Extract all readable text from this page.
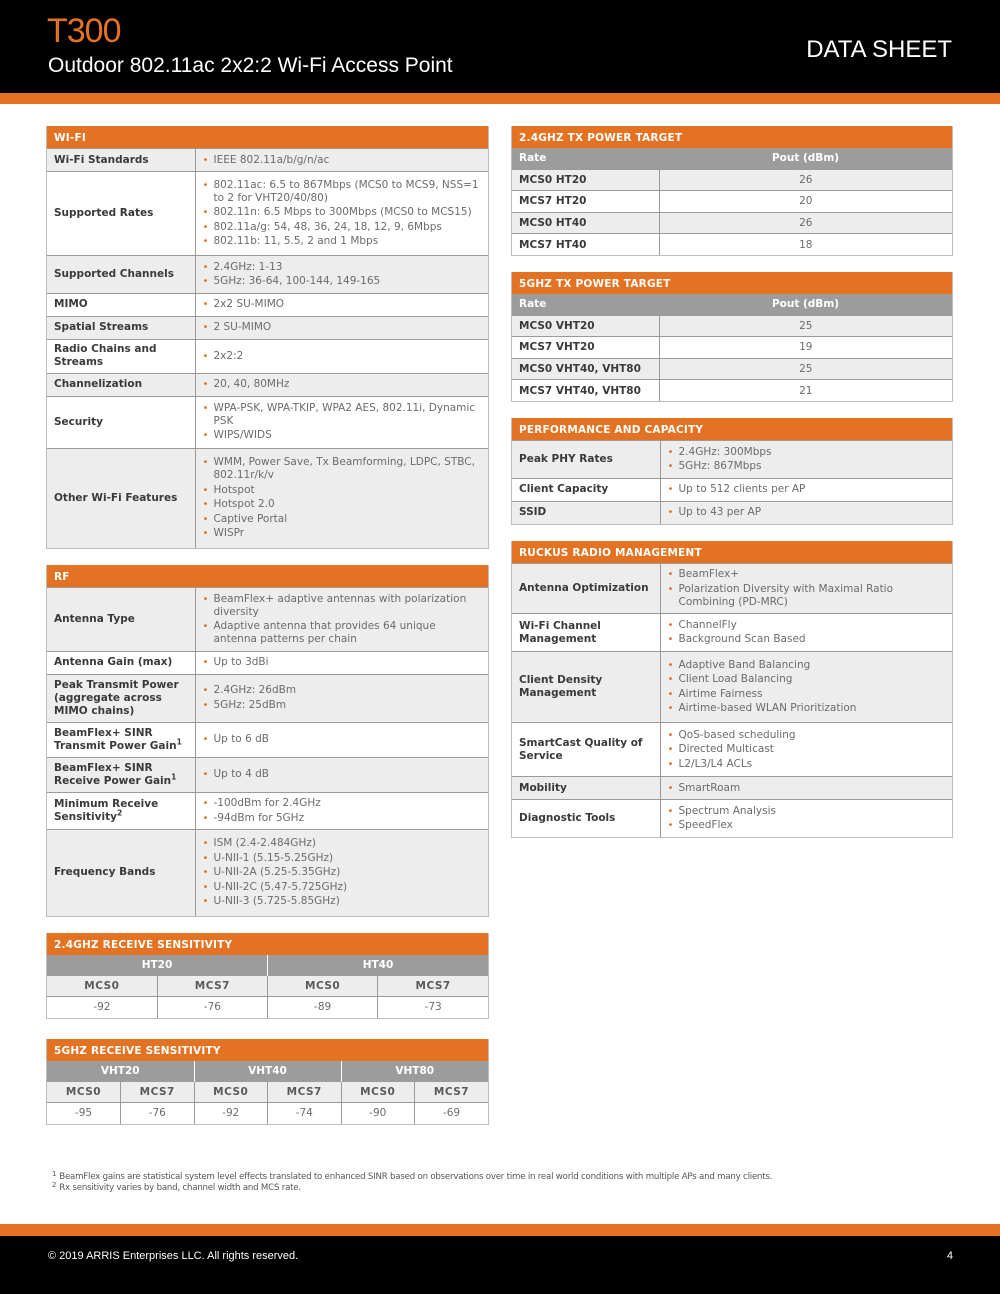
T300
Outdoor 802.11ac 2x2:2 Wi-Fi Access Point
DATA SHEET
WI-FI
Wi-Fi Standards	
•IEEE 802.11a/b/g/n/ac

Supported Rates	
• 802.11ac: 6.5 to 867Mbps (MCS0 to MCS9, NSS=1 to 2 for VHT20/40/80)
• 802.11n: 6.5 Mbps to 300Mbps (MCS0 to MCS15)
• 802.11a/g: 54, 48, 36, 24, 18, 12, 9, 6Mbps
• 802.11b: 11, 5.5, 2 and 1 Mbps

Supported Channels	
• 2.4GHz: 1-13
• 5GHz: 36-64, 100-144, 149-165

MIMO	
•2x2 SU-MIMO

Spatial Streams	
•2 SU-MIMO

Radio Chains and Streams	
• 2x2:2

Channelization	
•20, 40, 80MHz

Security	
• WPA-PSK, WPA-TKIP, WPA2 AES, 802.11i, Dynamic PSK
• WIPS/WIDS

Other Wi-Fi Features	
• WMM, Power Save, Tx Beamforming, LDPC, STBC, 802.11r/k/v
• Hotspot
• Hotspot 2.0
• Captive Portal
• WISPr
RF
Antenna Type	
• BeamFlex+ adaptive antennas with polarization diversity
• Adaptive antenna that provides 64 unique antenna patterns per chain

Antenna Gain (max)	
•Up to 3dBi

Peak Transmit Power (aggregate across MIMO chains)	
• 2.4GHz: 26dBm
• 5GHz: 25dBm

BeamFlex+ SINR Transmit Power Gain$^1$	
•Up to 6 dB

BeamFlex+ SINR Receive Power Gain$^1$	
•Up to 4 dB

Minimum Receive Sensitivity$^2$	
• -100dBm for 2.4GHz
• -94dBm for 5GHz

Frequency Bands	
• ISM (2.4-2.484GHz)
• U-NII-1 (5.15-5.25GHz)
• U-NII-2A (5.25-5.35GHz)
• U-NII-2C (5.47-5.725GHz)
• U-NII-3 (5.725-5.85GHz)
2.4GHZ RECEIVE SENSITIVITY
HT20		HT40	
MCS0	MCS7	MCS0	MCS7
-92	-76	-89	-73
5GHZ RECEIVE SENSITIVITY
VHT20		VHT40		VHT80	
MCS0	MCS7	MCS0	MCS7	MCS0	MCS7
-95	-76	-92	-74	-90	-69
2.4GHZ TX POWER TARGET
Rate	Pout (dBm)
MCS0 HT20	26
MCS7 HT20	20
MCS0 HT40	26
MCS7 HT40	18
5GHZ TX POWER TARGET
Rate	Pout (dBm)
MCS0 VHT20	25
MCS7 VHT20	19
MCS0 VHT40, VHT80	25
MCS7 VHT40, VHT80	21
PERFORMANCE AND CAPACITY
Peak PHY Rates	
• 2.4GHz: 300Mbps
• 5GHz: 867Mbps

Client Capacity	
•Up to 512 clients per AP

SSID	
•Up to 43 per AP
RUCKUS RADIO MANAGEMENT
Antenna Optimization	
• BeamFlex+
• Polarization Diversity with Maximal Ratio Combining (PD-MRC)

Wi-Fi Channel Management	
• ChannelFly
• Background Scan Based

Client Density Management	
• Adaptive Band Balancing
• Client Load Balancing
• Airtime Fairness
• Airtime-based WLAN Prioritization

SmartCast Quality of Service	
• QoS-based scheduling
• Directed Multicast
• L2/L3/L4 ACLs

Mobility	
•SmartRoam

Diagnostic Tools	
• Spectrum Analysis
• SpeedFlex
$^1$ BeamFlex gains are statistical system level effects translated to enhanced SINR based on observations over time in real world conditions with multiple APs and many clients.
$^2$ Rx sensitivity varies by band, channel width and MCS rate.
© 2019 ARRIS Enterprises LLC. All rights reserved.	4
